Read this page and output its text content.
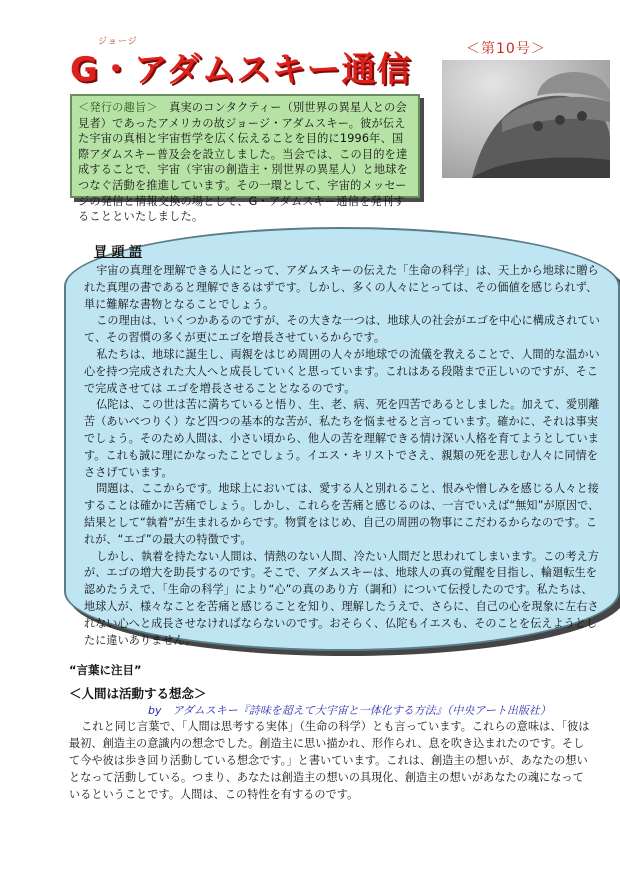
ジョージ
G・アダムスキー通信
＜第10号＞
＜発行の趣旨＞　真実のコンタクティー（別世界の異星人との会見者）であったアメリカの故ジョージ・アダムスキー。彼が伝えた宇宙の真相と宇宙哲学を広く伝えることを目的に1996年、国際アダムスキー普及会を設立しました。当会では、この目的を達成することで、宇宙（宇宙の創造主・別世界の異星人）と地球をつなぐ活動を推進しています。その一環として、宇宙的メッセージの発信と情報交換の場として、G・アダムスキー通信を発刊することといたしました。
冒 頭 語

宇宙の真理を理解できる人にとって、アダムスキーの伝えた「生命の科学」は、天上から地球に贈られた真理の書であると理解できるはずです。しかし、多くの人々にとっては、その価値を感じられず、単に難解な書物となることでしょう。

この理由は、いくつかあるのですが、その大きな一つは、地球人の社会がエゴを中心に構成されていて、その習慣の多くが更にエゴを増長させているからです。

私たちは、地球に誕生し、両親をはじめ周囲の人々が地球での流儀を教えることで、人間的な温かい心を持つ完成された大人へと成長していくと思っています。これはある段階まで正しいのですが、そこで完成させては エゴを増長させることとなるのです。

仏陀は、この世は苦に満ちていると悟り、生、老、病、死を四苦であるとしました。加えて、愛別離苦（あいべつりく）など四つの基本的な苦が、私たちを悩ませると言っています。確かに、それは事実でしょう。そのため人間は、小さい頃から、他人の苦を理解できる情け深い人格を育てようとしています。これも誠に理にかなったことでしょう。イエス・キリストでさえ、親類の死を悲しむ人々に同情をささげています。

問題は、ここからです。地球上においては、愛する人と別れること、恨みや憎しみを感じる人々と接することは確かに苦痛でしょう。しかし、これらを苦痛と感じるのは、一言でいえば“無知”が原因で、結果として“執着”が生まれるからです。物質をはじめ、自己の周囲の物事にこだわるからなのです。これが、“エゴ”の最大の特徴です。

しかし、執着を持たない人間は、情熱のない人間、冷たい人間だと思われてしまいます。この考え方が、エゴの増大を助長するのです。そこで、アダムスキーは、地球人の真の覚醒を目指し、輪廻転生を認めたうえで、「生命の科学」により“心”の真のあり方（調和）について伝授したのです。私たちは、地球人が、様々なことを苦痛と感じることを知り、理解したうえで、さらに、自己の心を現象に左右されない心へと成長させなければならないのです。おそらく、仏陀もイエスも、そのことを伝えようとしたに違いありません。

“言葉に注目”
＜人間は活動する想念＞
by　アダムスキー『詩味を超えて大宇宙と一体化する方法』（中央アート出版社）

これと同じ言葉で、「人間は思考する実体」（生命の科学）とも言っています。これらの意味は、「彼は最初、創造主の意識内の想念でした。創造主に思い描かれ、形作られ、息を吹き込まれたのです。そして今や彼は歩き回り活動している想念です。」と書いています。これは、創造主の想いが、あなたの想いとなって活動している。つまり、あなたは創造主の想いの具現化、創造主の想いがあなたの魂になっているということです。人間は、この特性を有するのです。
